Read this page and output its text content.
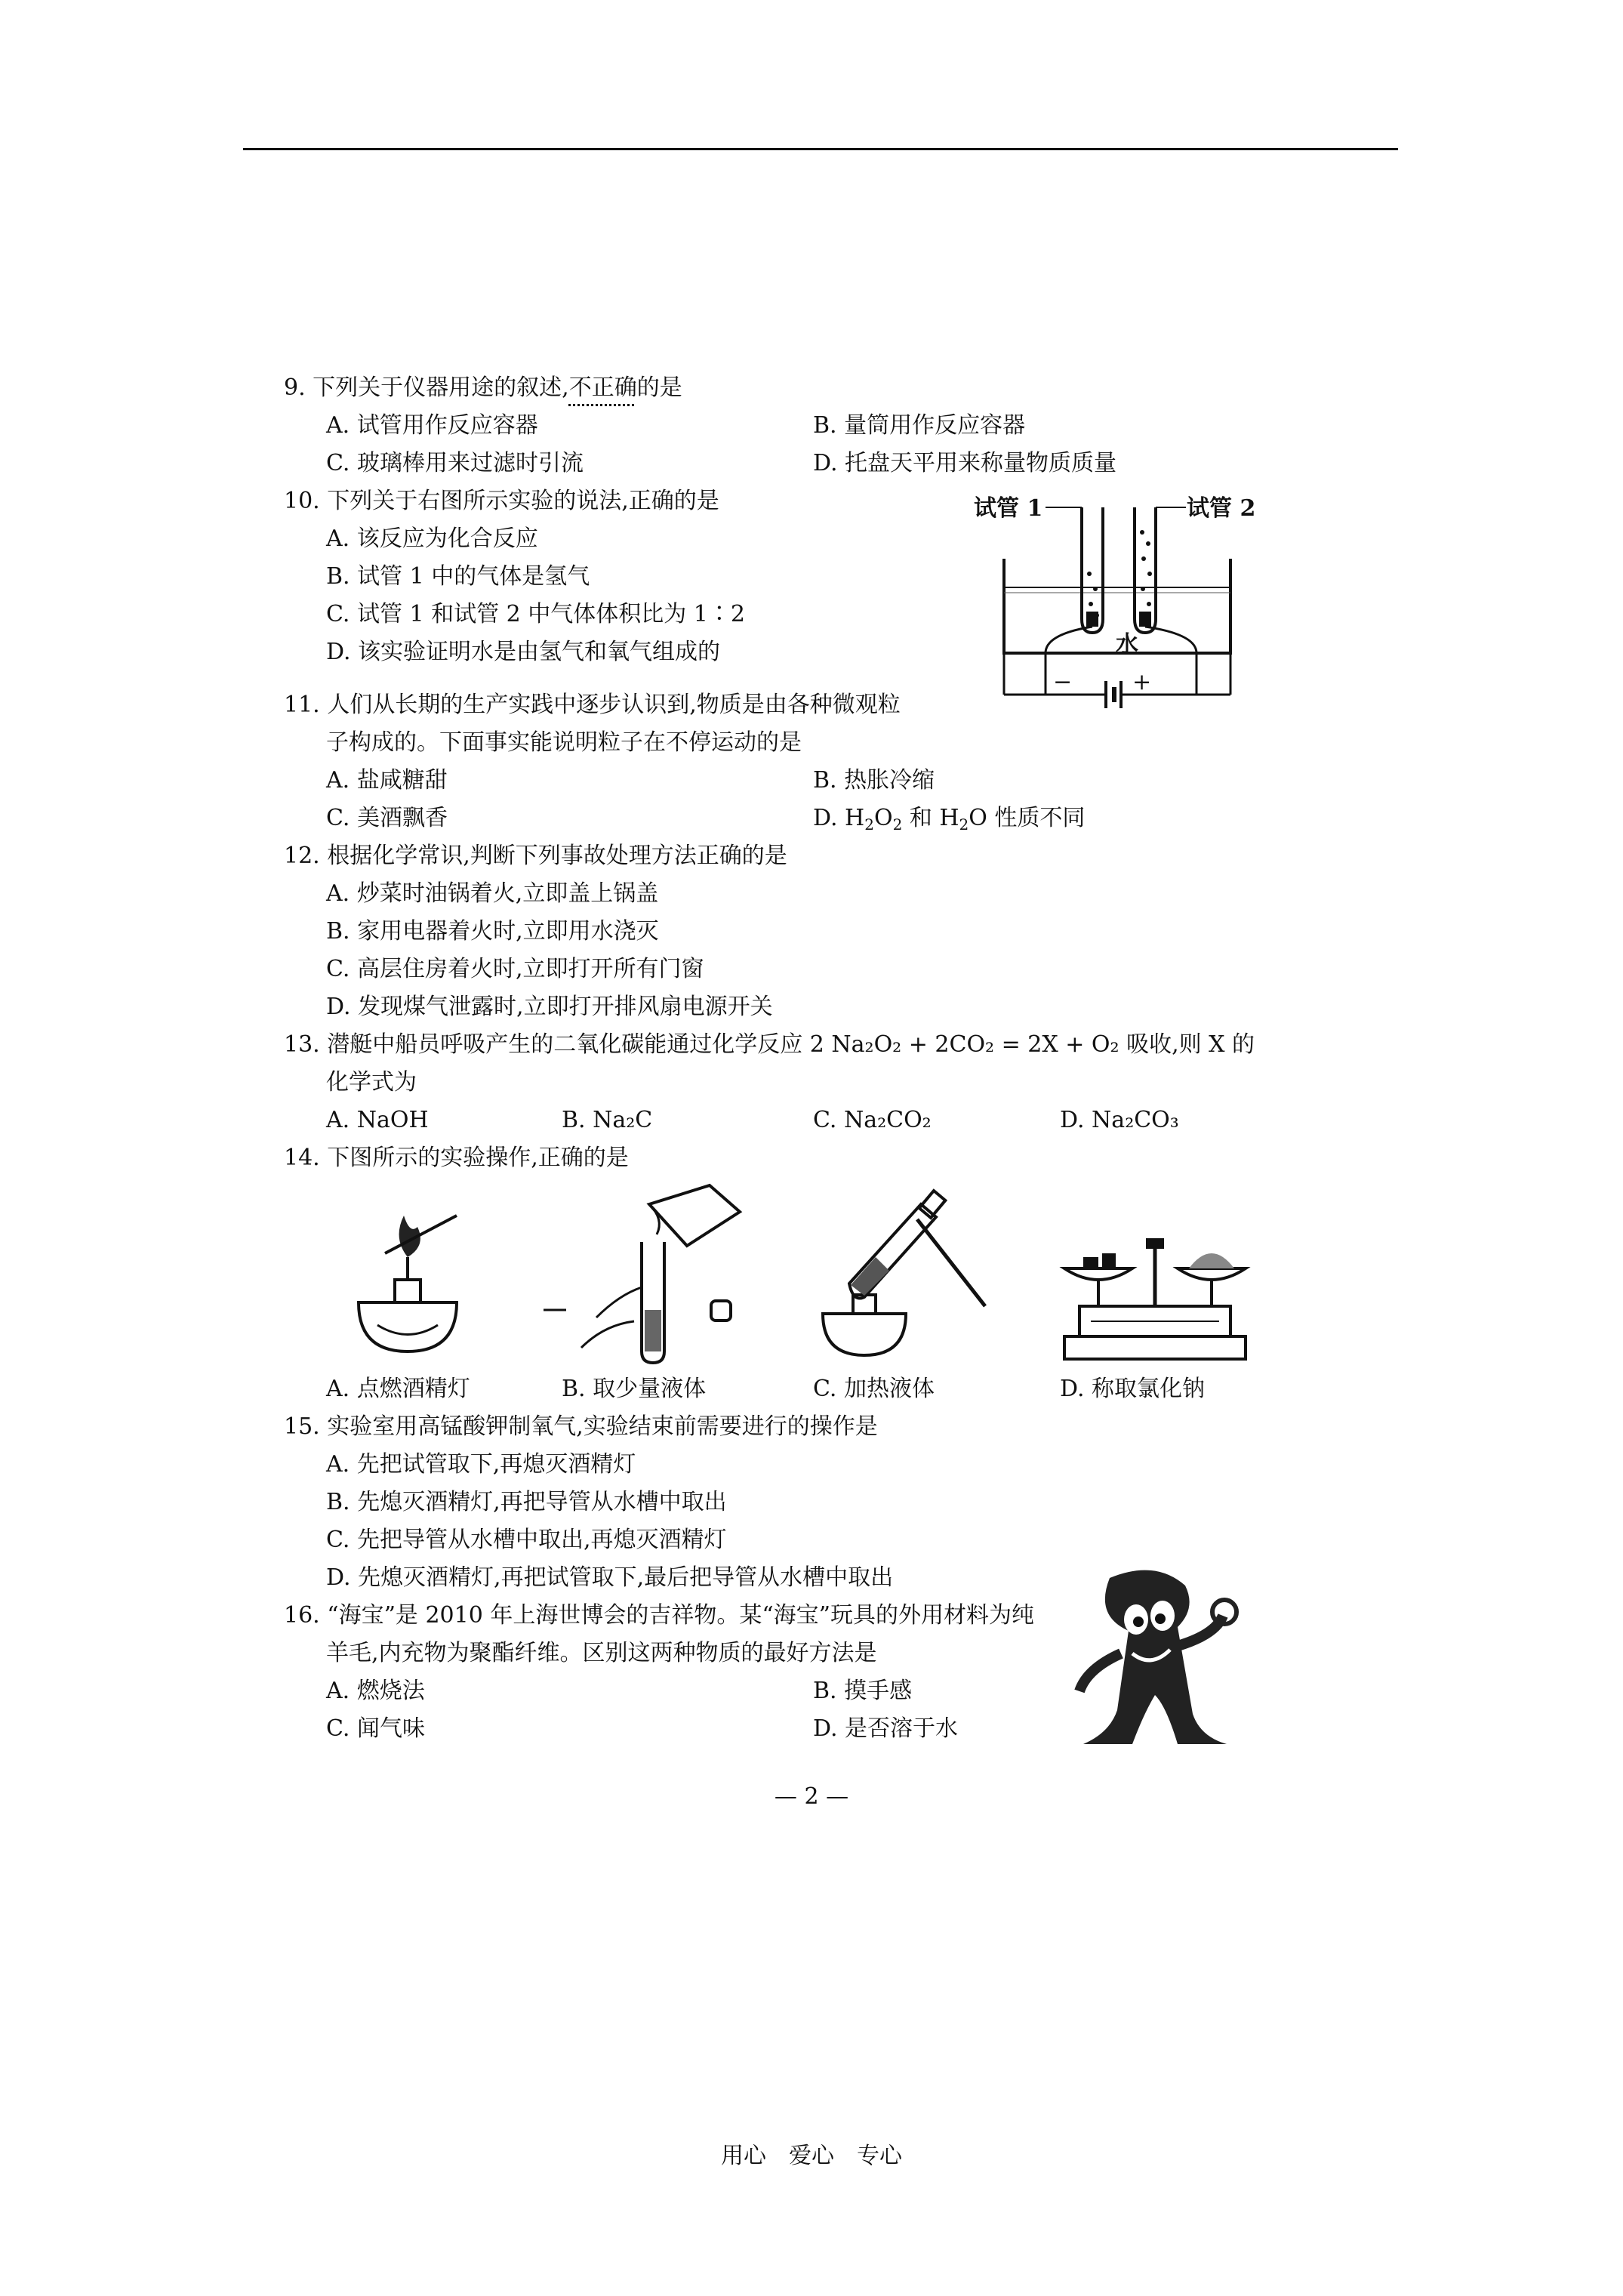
9. 下列关于仪器用途的叙述,不正确的是
A. 试管用作反应容器	B. 量筒用作反应容器
C. 玻璃棒用来过滤时引流	D. 托盘天平用来称量物质质量
10. 下列关于右图所示实验的说法,正确的是
A. 该反应为化合反应
B. 试管 1 中的气体是氢气
C. 试管 1 和试管 2 中气体体积比为 1∶2
D. 该实验证明水是由氢气和氧气组成的
试管 1	试管 2
水
−	+
11. 人们从长期的生产实践中逐步认识到,物质是由各种微观粒
子构成的。下面事实能说明粒子在不停运动的是
A. 盐咸糖甜	B. 热胀冷缩
C. 美酒飘香	D. $H_2O_2$ 和 $H_2O$ 性质不同
12. 根据化学常识,判断下列事故处理方法正确的是
A. 炒菜时油锅着火,立即盖上锅盖
B. 家用电器着火时,立即用水浇灭
C. 高层住房着火时,立即打开所有门窗
D. 发现煤气泄露时,立即打开排风扇电源开关
13. 潜艇中船员呼吸产生的二氧化碳能通过化学反应 2 Na₂O₂ + 2CO₂ = 2X + O₂ 吸收,则 X 的
化学式为
A. NaOH	B. Na₂C	C. Na₂CO₂	D. Na₂CO₃
14. 下图所示的实验操作,正确的是
A. 点燃酒精灯	B. 取少量液体	C. 加热液体	D. 称取氯化钠
15. 实验室用高锰酸钾制氧气,实验结束前需要进行的操作是
A. 先把试管取下,再熄灭酒精灯
B. 先熄灭酒精灯,再把导管从水槽中取出
C. 先把导管从水槽中取出,再熄灭酒精灯
D. 先熄灭酒精灯,再把试管取下,最后把导管从水槽中取出
16. “海宝”是 2010 年上海世博会的吉祥物。某“海宝”玩具的外用材料为纯
羊毛,内充物为聚酯纤维。区别这两种物质的最好方法是
A. 燃烧法	B. 摸手感
C. 闻气味	D. 是否溶于水
— 2 —
用心　爱心　专心
